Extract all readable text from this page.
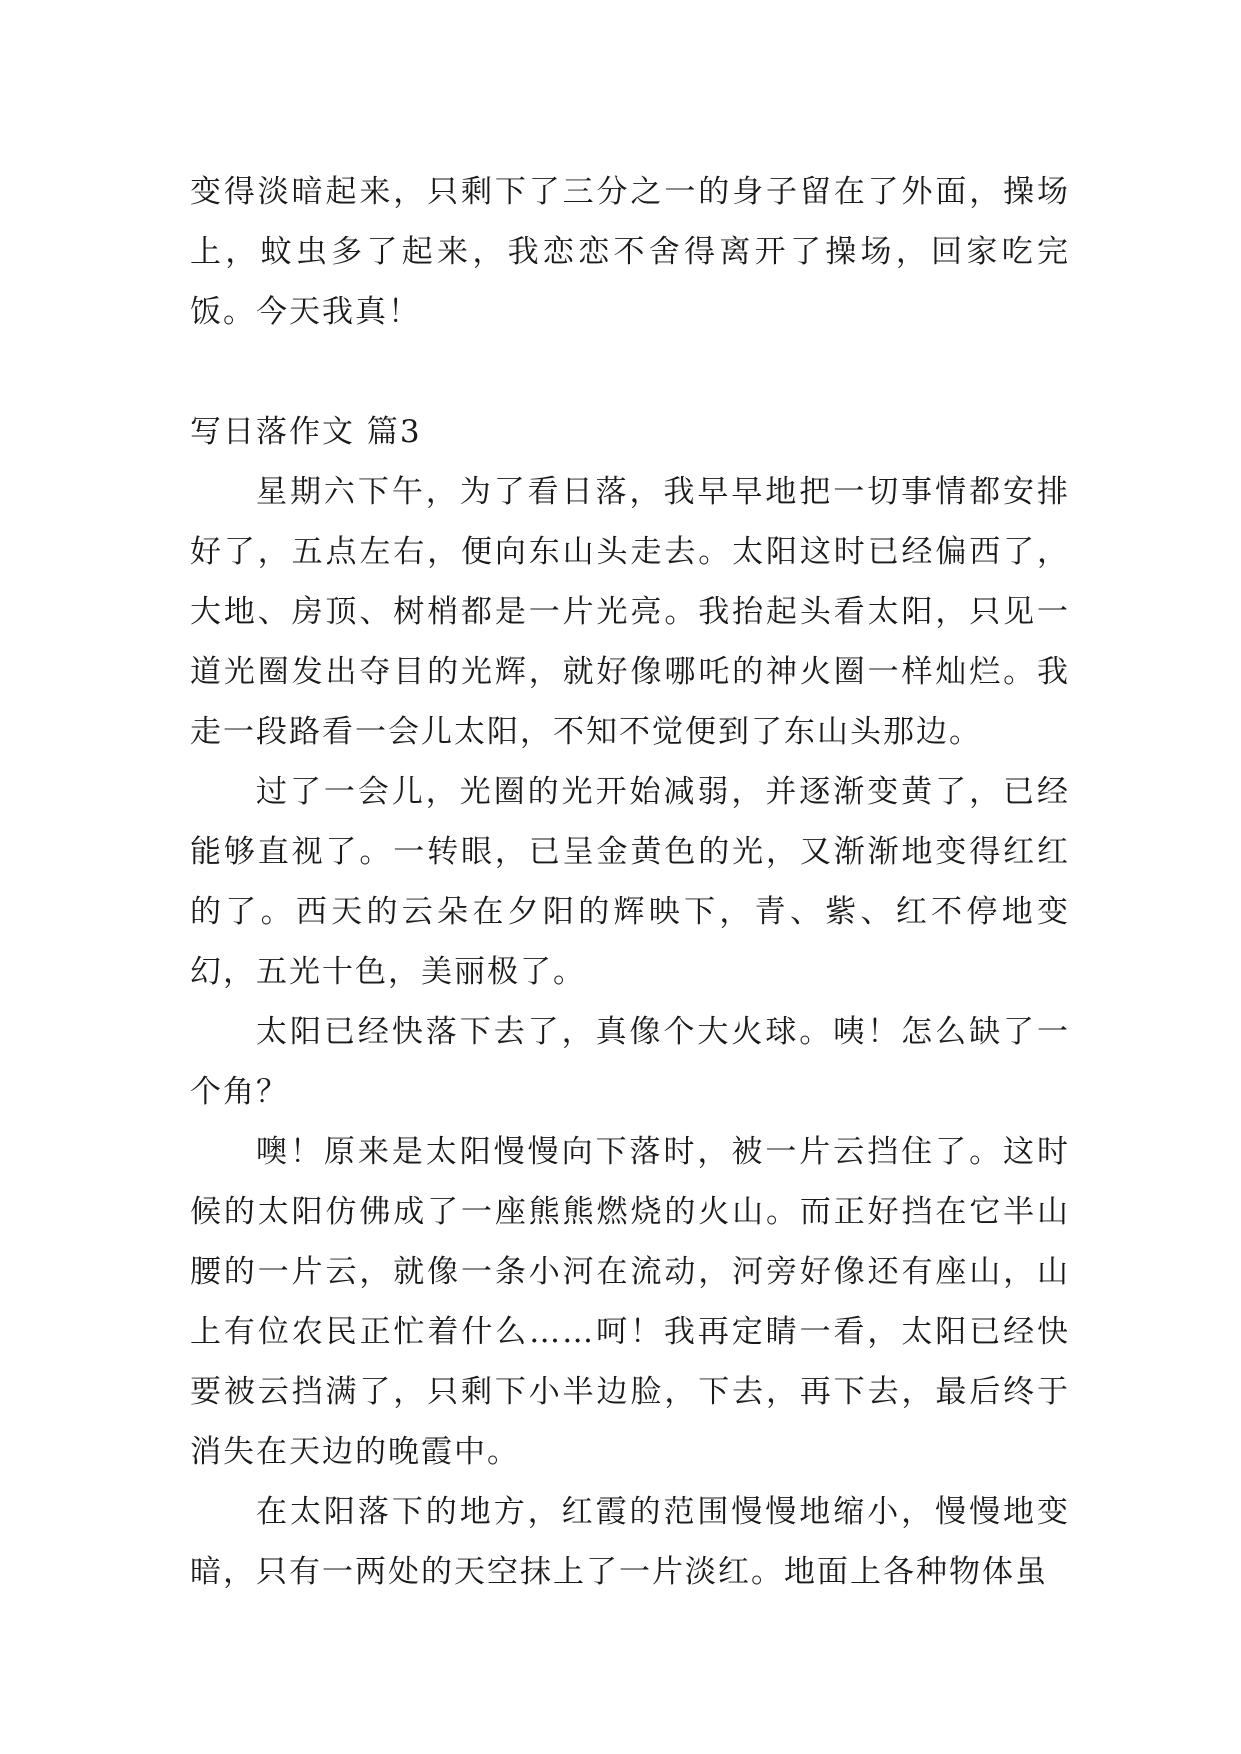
变得淡暗起来，只剩下了三分之一的身子留在了外面，操场上，蚊虫多了起来，我恋恋不舍得离开了操场，回家吃完饭。今天我真！

写日落作文 篇3

星期六下午，为了看日落，我早早地把一切事情都安排好了，五点左右，便向东山头走去。太阳这时已经偏西了，大地、房顶、树梢都是一片光亮。我抬起头看太阳，只见一道光圈发出夺目的光辉，就好像哪吒的神火圈一样灿烂。我走一段路看一会儿太阳，不知不觉便到了东山头那边。

过了一会儿，光圈的光开始减弱，并逐渐变黄了，已经能够直视了。一转眼，已呈金黄色的光，又渐渐地变得红红的了。西天的云朵在夕阳的辉映下，青、紫、红不停地变幻，五光十色，美丽极了。

太阳已经快落下去了，真像个大火球。咦！怎么缺了一个角？

噢！原来是太阳慢慢向下落时，被一片云挡住了。这时候的太阳仿佛成了一座熊熊燃烧的火山。而正好挡在它半山腰的一片云，就像一条小河在流动，河旁好像还有座山，山上有位农民正忙着什么……呵！我再定睛一看，太阳已经快要被云挡满了，只剩下小半边脸，下去，再下去，最后终于消失在天边的晚霞中。

在太阳落下的地方，红霞的范围慢慢地缩小，慢慢地变暗，只有一两处的天空抹上了一片淡红。地面上各种物体虽
